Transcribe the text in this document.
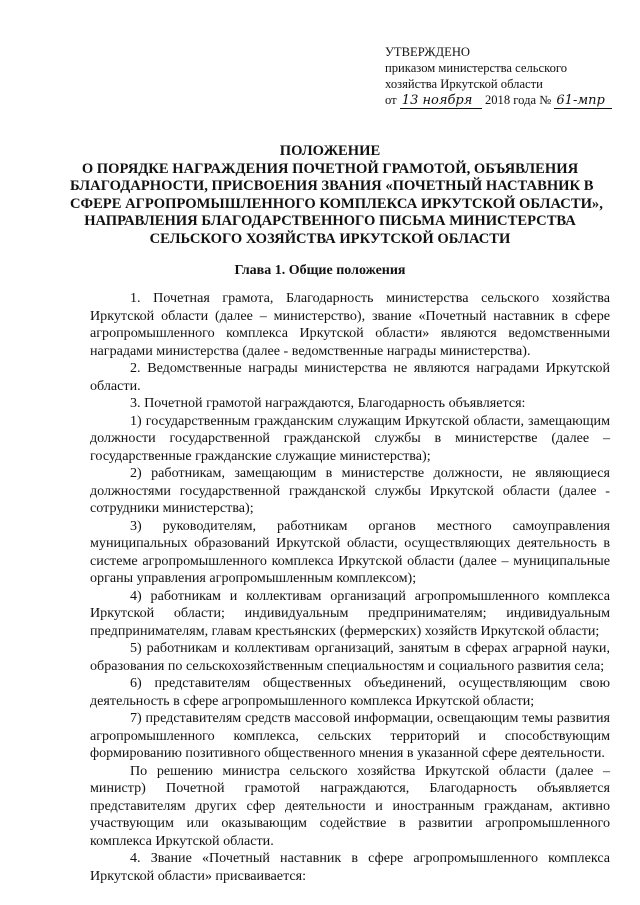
УТВЕРЖДЕНО
приказом министерства сельского
хозяйства Иркутской области
от 13 ноября 2018 года № 61-мпр
ПОЛОЖЕНИЕ
О ПОРЯДКЕ НАГРАЖДЕНИЯ ПОЧЕТНОЙ ГРАМОТОЙ, ОБЪЯВЛЕНИЯ
БЛАГОДАРНОСТИ, ПРИСВОЕНИЯ ЗВАНИЯ «ПОЧЕТНЫЙ НАСТАВНИК В
СФЕРЕ АГРОПРОМЫШЛЕННОГО КОМПЛЕКСА ИРКУТСКОЙ ОБЛАСТИ»,
НАПРАВЛЕНИЯ БЛАГОДАРСТВЕННОГО ПИСЬМА МИНИСТЕРСТВА
СЕЛЬСКОГО ХОЗЯЙСТВА ИРКУТСКОЙ ОБЛАСТИ
Глава 1. Общие положения

1. Почетная грамота, Благодарность министерства сельского хозяйства Иркутской области (далее – министерство), звание «Почетный наставник в сфере агропромышленного комплекса Иркутской области» являются ведомственными наградами министерства (далее - ведомственные награды министерства).

2. Ведомственные награды министерства не являются наградами Иркутской области.

3. Почетной грамотой награждаются, Благодарность объявляется:

1) государственным гражданским служащим Иркутской области, замещающим должности государственной гражданской службы в министерстве (далее – государственные гражданские служащие министерства);

2) работникам, замещающим в министерстве должности, не являющиеся должностями государственной гражданской службы Иркутской области (далее - сотрудники министерства);

3) руководителям, работникам органов местного самоуправления муниципальных образований Иркутской области, осуществляющих деятельность в системе агропромышленного комплекса Иркутской области (далее – муниципальные органы управления агропромышленным комплексом);

4) работникам и коллективам организаций агропромышленного комплекса Иркутской области; индивидуальным предпринимателям; индивидуальным предпринимателям, главам крестьянских (фермерских) хозяйств Иркутской области;

5) работникам и коллективам организаций, занятым в сферах аграрной науки, образования по сельскохозяйственным специальностям и социального развития села;

6) представителям общественных объединений, осуществляющим свою деятельность в сфере агропромышленного комплекса Иркутской области;

7) представителям средств массовой информации, освещающим темы развития агропромышленного комплекса, сельских территорий и способствующим формированию позитивного общественного мнения в указанной сфере деятельности.

По решению министра сельского хозяйства Иркутской области (далее – министр) Почетной грамотой награждаются, Благодарность объявляется представителям других сфер деятельности и иностранным гражданам, активно участвующим или оказывающим содействие в развитии агропромышленного комплекса Иркутской области.

4. Звание «Почетный наставник в сфере агропромышленного комплекса Иркутской области» присваивается:
